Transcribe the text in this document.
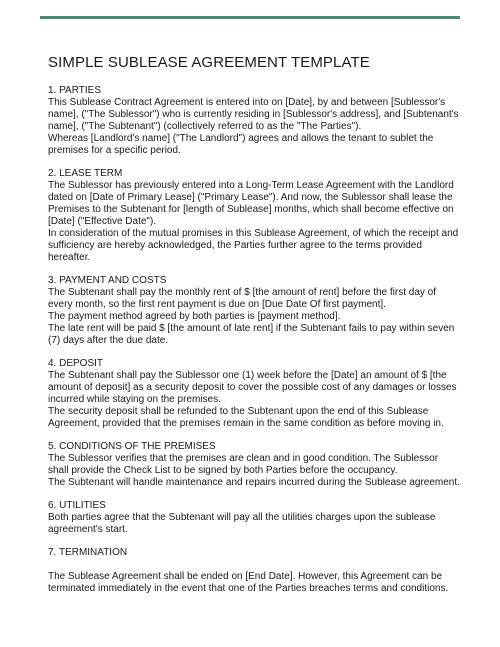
SIMPLE SUBLEASE AGREEMENT TEMPLATE

1. PARTIES

This Sublease Contract Agreement is entered into on [Date], by and between [Sublessor's name], ("The Sublessor") who is currently residing in [Sublessor's address], and [Subtenant's name], ("The Subtenant") (collectively referred to as the "The Parties").

Whereas [Landlord's name] ("The Landlord") agrees and allows the tenant to sublet the premises for a specific period.

2. LEASE TERM

The Sublessor has previously entered into a Long-Term Lease Agreement with the Landlord dated on [Date of Primary Lease] ("Primary Lease"). And now, the Sublessor shall lease the Premises to the Subtenant for [length of Sublease] months, which shall become effective on [Date] ("Effective Date").

In consideration of the mutual promises in this Sublease Agreement, of which the receipt and sufficiency are hereby acknowledged, the Parties further agree to the terms provided hereafter.

3. PAYMENT AND COSTS

The Subtenant shall pay the monthly rent of $ [the amount of rent] before the first day of every month, so the first rent payment is due on [Due Date Of first payment].

The payment method agreed by both parties is [payment method].

The late rent will be paid $ [the amount of late rent] if the Subtenant fails to pay within seven (7) days after the due date.

4. DEPOSIT

The Subtenant shall pay the Sublessor one (1) week before the [Date] an amount of $ [the amount of deposit] as a security deposit to cover the possible cost of any damages or losses incurred while staying on the premises.

The security deposit shall be refunded to the Subtenant upon the end of this Sublease Agreement, provided that the premises remain in the same condition as before moving in.

5. CONDITIONS OF THE PREMISES

The Sublessor verifies that the premises are clean and in good condition. The Sublessor shall provide the Check List to be signed by both Parties before the occupancy.

The Subtenant will handle maintenance and repairs incurred during the Sublease agreement.

6. UTILITIES

Both parties agree that the Subtenant will pay all the utilities charges upon the sublease agreement's start.

7. TERMINATION

The Sublease Agreement shall be ended on [End Date]. However, this Agreement can be terminated immediately in the event that one of the Parties breaches terms and conditions.
